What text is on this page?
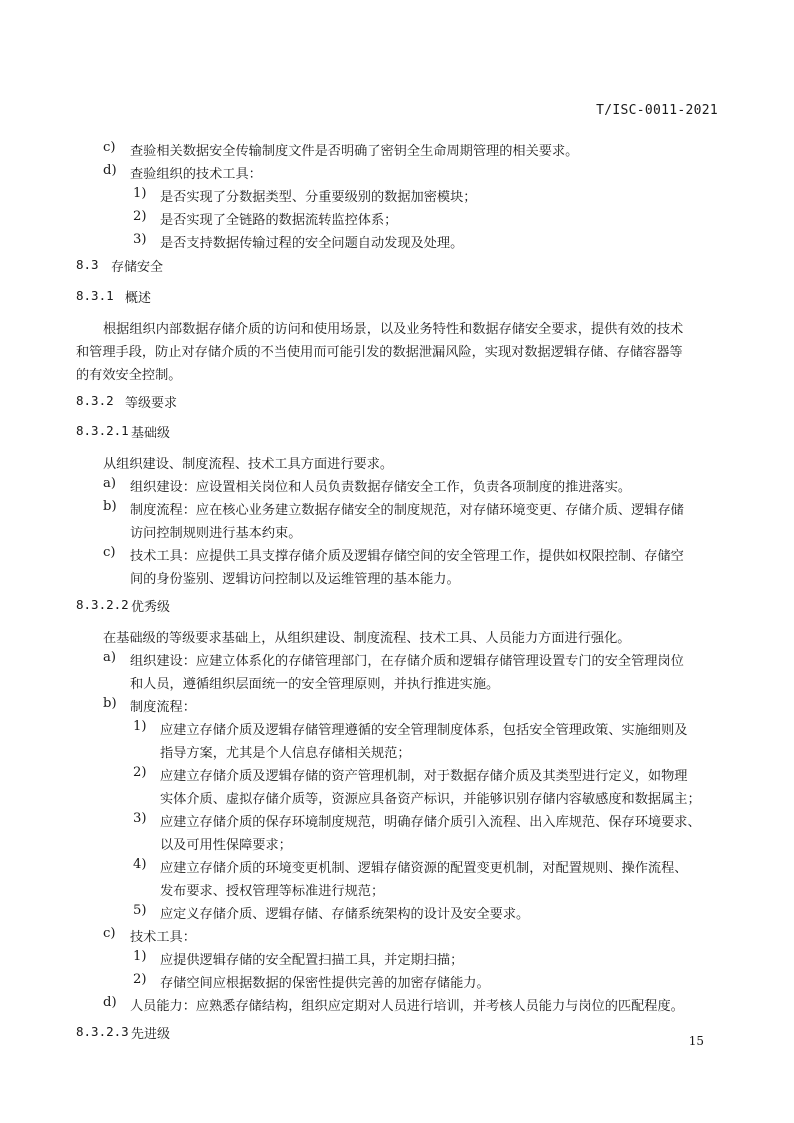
T/ISC-0011-2021
c) 查验相关数据安全传输制度文件是否明确了密钥全生命周期管理的相关要求。
d) 查验组织的技术工具：
1) 是否实现了分数据类型、分重要级别的数据加密模块；
2) 是否实现了全链路的数据流转监控体系；
3) 是否支持数据传输过程的安全问题自动发现及处理。
8.3 存储安全
8.3.1 概述
根据组织内部数据存储介质的访问和使用场景，以及业务特性和数据存储安全要求，提供有效的技术
和管理手段，防止对存储介质的不当使用而可能引发的数据泄漏风险，实现对数据逻辑存储、存储容器等
的有效安全控制。
8.3.2 等级要求
8.3.2.1 基础级
从组织建设、制度流程、技术工具方面进行要求。
a) 组织建设：应设置相关岗位和人员负责数据存储安全工作，负责各项制度的推进落实。
b) 制度流程：应在核心业务建立数据存储安全的制度规范，对存储环境变更、存储介质、逻辑存储
访问控制规则进行基本约束。
c) 技术工具：应提供工具支撑存储介质及逻辑存储空间的安全管理工作，提供如权限控制、存储空
间的身份鉴别、逻辑访问控制以及运维管理的基本能力。
8.3.2.2 优秀级
在基础级的等级要求基础上，从组织建设、制度流程、技术工具、人员能力方面进行强化。
a) 组织建设：应建立体系化的存储管理部门，在存储介质和逻辑存储管理设置专门的安全管理岗位
和人员，遵循组织层面统一的安全管理原则，并执行推进实施。
b) 制度流程：
1) 应建立存储介质及逻辑存储管理遵循的安全管理制度体系，包括安全管理政策、实施细则及
指导方案，尤其是个人信息存储相关规范；
2) 应建立存储介质及逻辑存储的资产管理机制，对于数据存储介质及其类型进行定义，如物理
实体介质、虚拟存储介质等，资源应具备资产标识，并能够识别存储内容敏感度和数据属主；
3) 应建立存储介质的保存环境制度规范，明确存储介质引入流程、出入库规范、保存环境要求、
以及可用性保障要求；
4) 应建立存储介质的环境变更机制、逻辑存储资源的配置变更机制，对配置规则、操作流程、
发布要求、授权管理等标准进行规范；
5) 应定义存储介质、逻辑存储、存储系统架构的设计及安全要求。
c) 技术工具：
1) 应提供逻辑存储的安全配置扫描工具，并定期扫描；
2) 存储空间应根据数据的保密性提供完善的加密存储能力。
d) 人员能力：应熟悉存储结构，组织应定期对人员进行培训，并考核人员能力与岗位的匹配程度。
8.3.2.3 先进级	15
